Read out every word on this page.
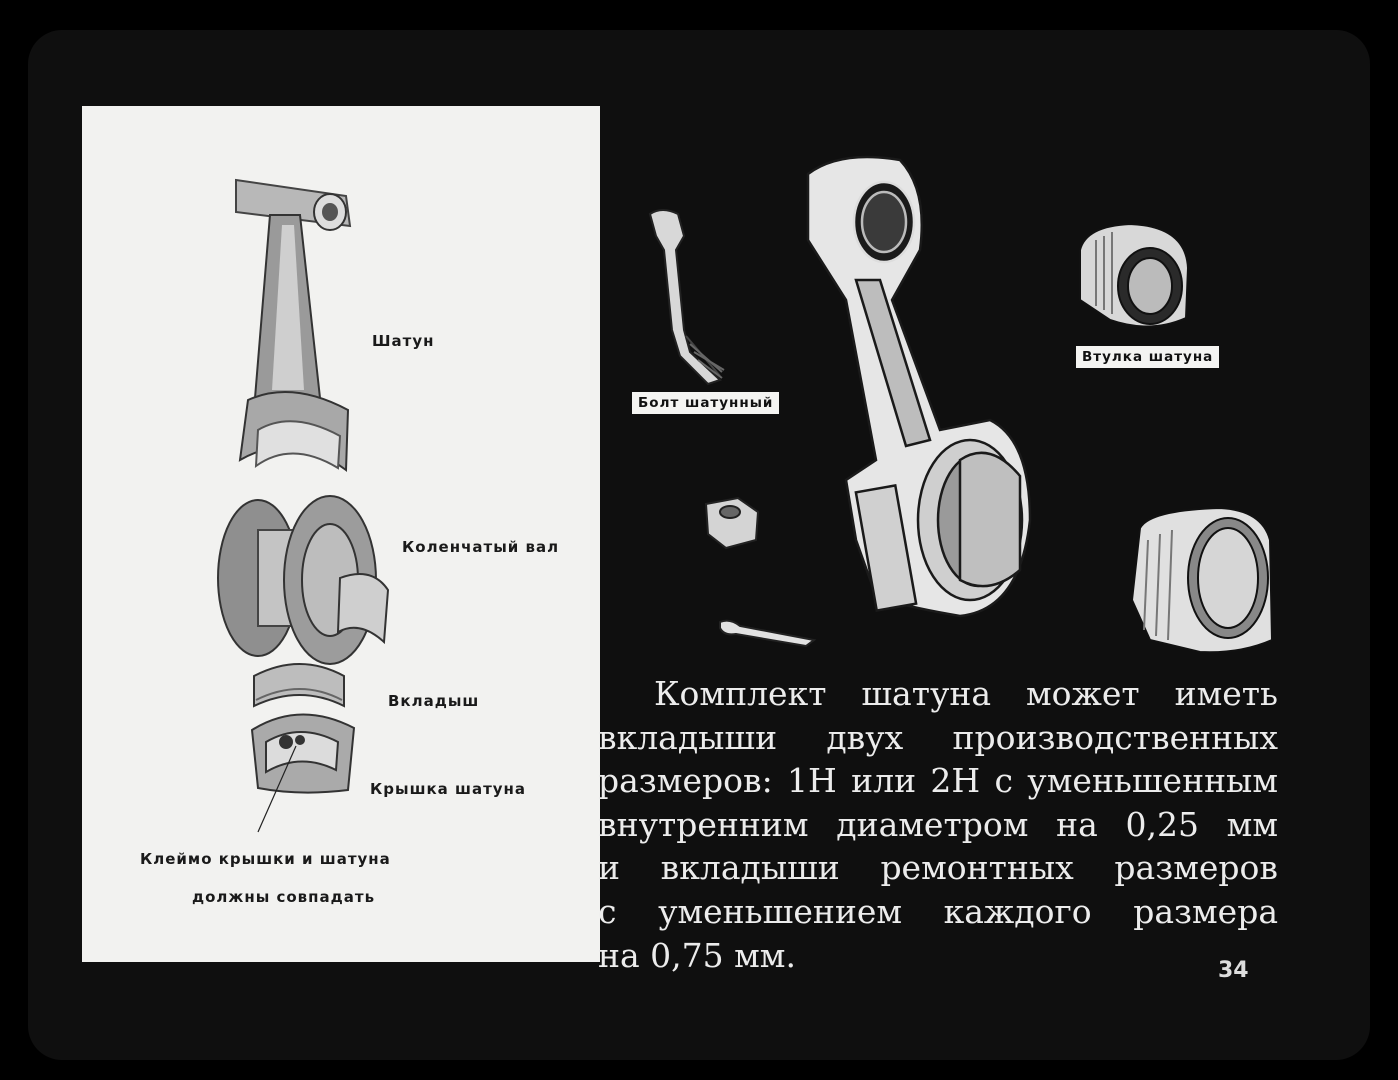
Шатун
Коленчатый вал
Вкладыш
Крышка шатуна
Клеймо крышки и шатуна
должны совпадать
Болт шатунный
Втулка шатуна
Комплект шатуна может иметь
вкладыши двух производственных
размеров: 1Н или 2Н с уменьшенным
внутренним диаметром на 0,25 мм
и вкладыши ремонтных размеров
с уменьшением каждого размера
на 0,75 мм.	34
